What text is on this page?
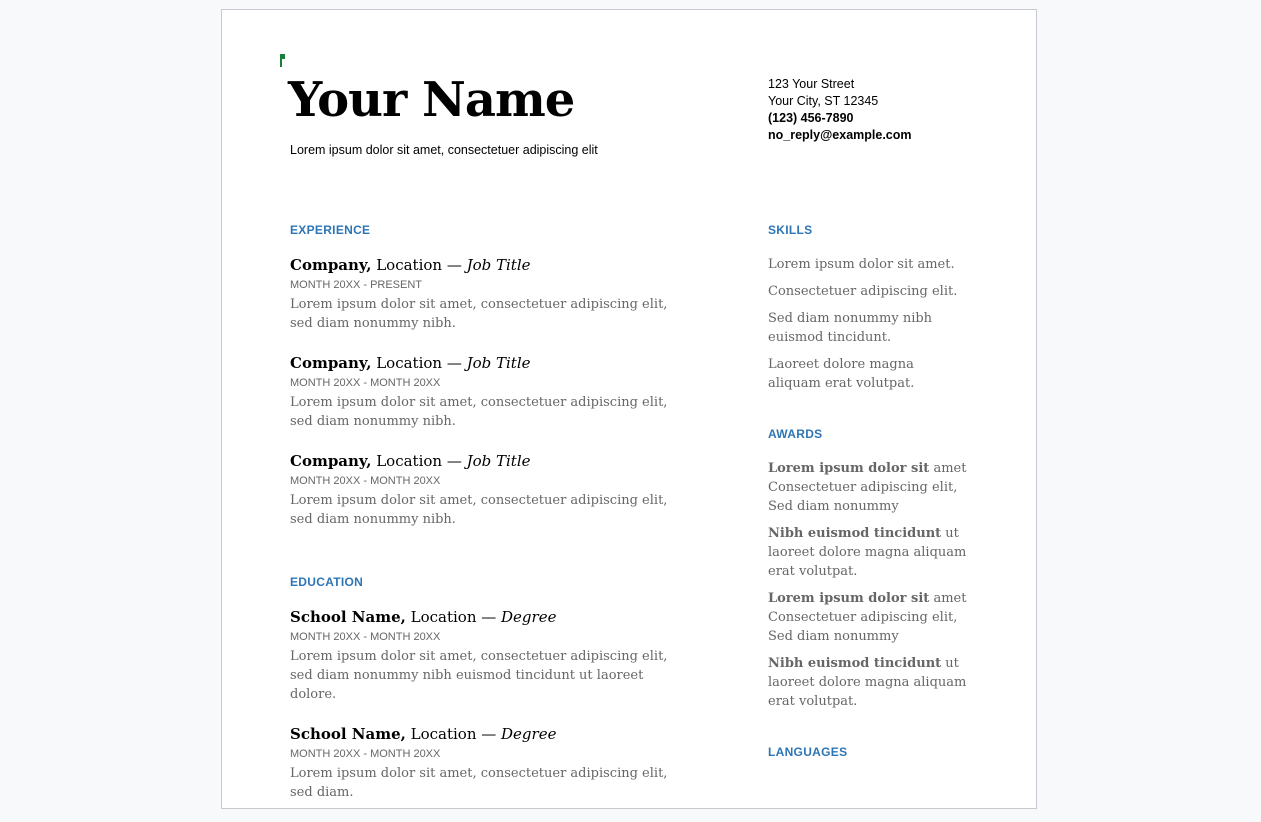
Your Name
Lorem ipsum dolor sit amet, consectetuer adipiscing elit
123 Your Street
Your City, ST 12345
(123) 456-7890
no_reply@example.com
EXPERIENCE
Company, Location — Job Title
MONTH 20XX - PRESENT
Lorem ipsum dolor sit amet, consectetuer adipiscing elit, sed diam nonummy nibh.
Company, Location — Job Title
MONTH 20XX - MONTH 20XX
Lorem ipsum dolor sit amet, consectetuer adipiscing elit, sed diam nonummy nibh.
Company, Location — Job Title
MONTH 20XX - MONTH 20XX
Lorem ipsum dolor sit amet, consectetuer adipiscing elit, sed diam nonummy nibh.
EDUCATION
School Name, Location — Degree
MONTH 20XX - MONTH 20XX
Lorem ipsum dolor sit amet, consectetuer adipiscing elit, sed diam nonummy nibh euismod tincidunt ut laoreet dolore.
School Name, Location — Degree
MONTH 20XX - MONTH 20XX
Lorem ipsum dolor sit amet, consectetuer adipiscing elit, sed diam.
SKILLS
Lorem ipsum dolor sit amet.
Consectetuer adipiscing elit.
Sed diam nonummy nibh euismod tincidunt.
Laoreet dolore magna aliquam erat volutpat.
AWARDS
Lorem ipsum dolor sit amet Consectetuer adipiscing elit, Sed diam nonummy
Nibh euismod tincidunt ut laoreet dolore magna aliquam erat volutpat.
Lorem ipsum dolor sit amet Consectetuer adipiscing elit, Sed diam nonummy
Nibh euismod tincidunt ut laoreet dolore magna aliquam erat volutpat.
LANGUAGES
